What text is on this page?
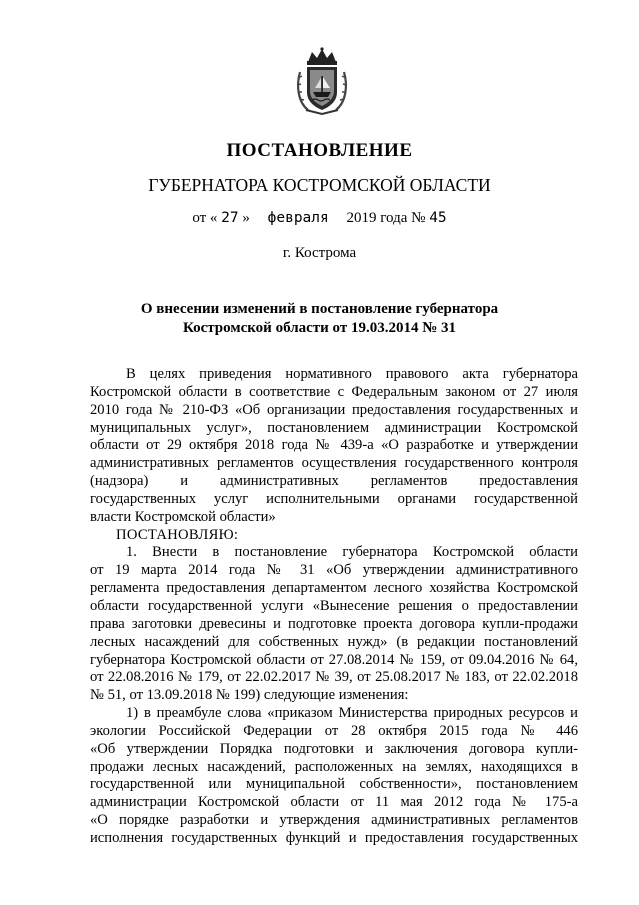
ПОСТАНОВЛЕНИЕ
ГУБЕРНАТОРА КОСТРОМСКОЙ ОБЛАСТИ
от « 27 » февраля 2019 года № 45
г. Кострома
О внесении изменений в постановление губернатора
Костромской области от 19.03.2014 № 31

В целях приведения нормативного правового акта губернатора

Костромской области в соответствие с Федеральным законом от 27 июля

2010 года № 210-ФЗ «Об организации предоставления государственных и

муниципальных услуг», постановлением администрации Костромской

области от 29 октября 2018 года № 439-а «О разработке и утверждении

административных регламентов осуществления государственного контроля

(надзора) и административных регламентов предоставления

государственных услуг исполнительными органами государственной

власти Костромской области»

ПОСТАНОВЛЯЮ:

1. Внести в постановление губернатора Костромской области

от 19 марта 2014 года № 31 «Об утверждении административного

регламента предоставления департаментом лесного хозяйства Костромской

области государственной услуги «Вынесение решения о предоставлении

права заготовки древесины и подготовке проекта договора купли-продажи

лесных насаждений для собственных нужд» (в редакции постановлений

губернатора Костромской области от 27.08.2014 № 159, от 09.04.2016 № 64,

от 22.08.2016 № 179, от 22.02.2017 № 39, от 25.08.2017 № 183, от 22.02.2018

№ 51, от 13.09.2018 № 199) следующие изменения:

1) в преамбуле слова «приказом Министерства природных ресурсов и

экологии Российской Федерации от 28 октября 2015 года № 446

«Об утверждении Порядка подготовки и заключения договора купли-

продажи лесных насаждений, расположенных на землях, находящихся в

государственной или муниципальной собственности», постановлением

администрации Костромской области от 11 мая 2012 года № 175-а

«О порядке разработки и утверждения административных регламентов

исполнения государственных функций и предоставления государственных
